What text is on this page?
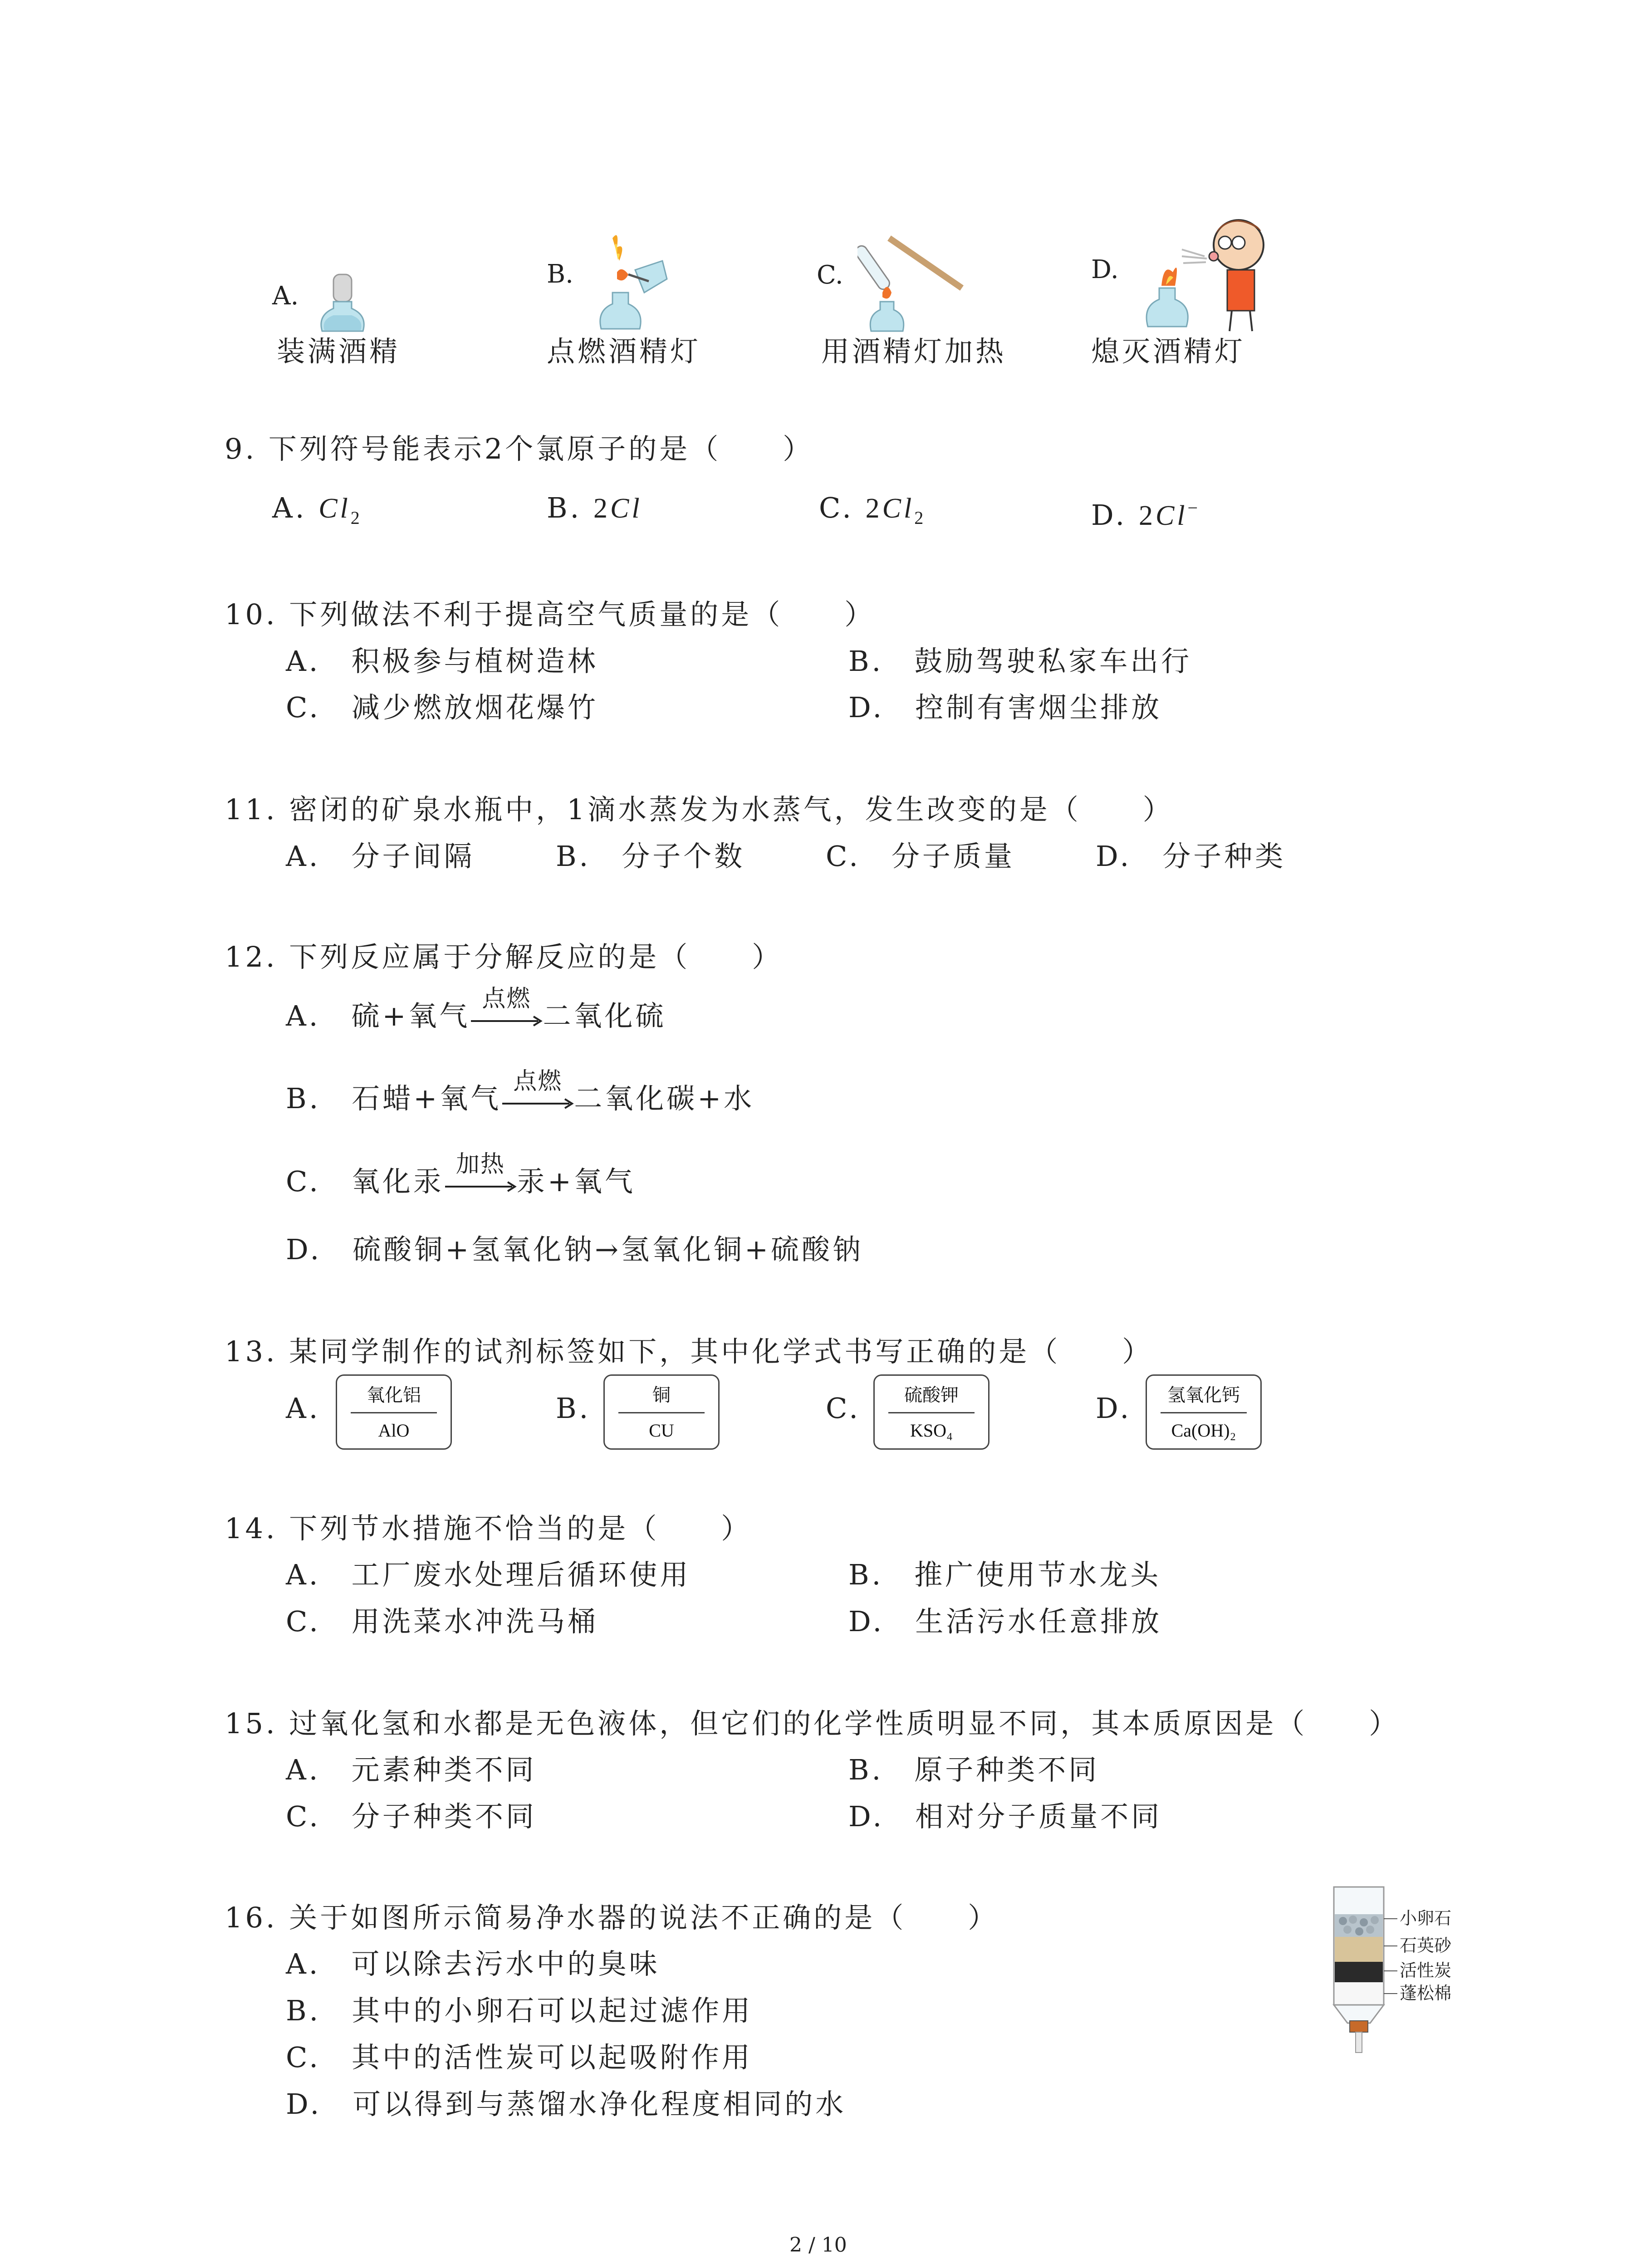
A.
装满酒精
B.
点燃酒精灯
C.
用酒精灯加热
D.
熄灭酒精灯
9. 下列符号能表示2个氯原子的是（　　）
A. $Cl_2$	B. 2Cl	C. $2Cl_2$	D. 2Cl−
10. 下列做法不利于提高空气质量的是（　　）
A.　积极参与植树造林	B.　鼓励驾驶私家车出行
C.　减少燃放烟花爆竹	D.　控制有害烟尘排放
11. 密闭的矿泉水瓶中，1滴水蒸发为水蒸气，发生改变的是（　　）
A.　分子间隔	B.　分子个数	C.　分子质量	D.　分子种类
12. 下列反应属于分解反应的是（　　）
A.　硫+氧气
点燃
二氧化硫
B.　石蜡+氧气
点燃
二氧化碳+水
C.　氧化汞
加热
汞+氧气
D.　硫酸铜+氢氧化钠→氢氧化铜+硫酸钠
13. 某同学制作的试剂标签如下，其中化学式书写正确的是（　　）
A.	氧化铝
AlO
B.	铜
CU
C.	硫酸钾
KSO₄
D.	氢氧化钙
Ca(OH)₂
14. 下列节水措施不恰当的是（　　）
A.　工厂废水处理后循环使用	B.　推广使用节水龙头
C.　用洗菜水冲洗马桶	D.　生活污水任意排放
15. 过氧化氢和水都是无色液体，但它们的化学性质明显不同，其本质原因是（　　）
A.　元素种类不同	B.　原子种类不同
C.　分子种类不同	D.　相对分子质量不同
16. 关于如图所示简易净水器的说法不正确的是（　　）
A.　可以除去污水中的臭味
B.　其中的小卵石可以起过滤作用
C.　其中的活性炭可以起吸附作用
D.　可以得到与蒸馏水净化程度相同的水
小卵石
石英砂
活性炭
蓬松棉
2 / 10
